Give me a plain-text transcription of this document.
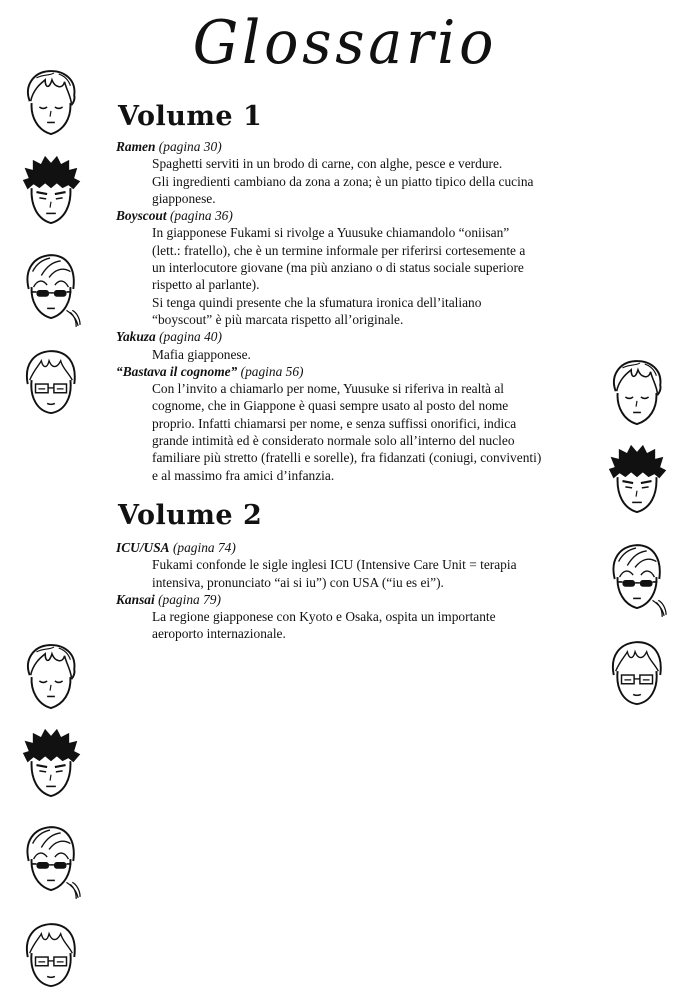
Glossario
Volume 1
Ramen (pagina 30)
Spaghetti serviti in un brodo di carne, con alghe, pesce e verdure.
Gli ingredienti cambiano da zona a zona; è un piatto tipico della cucina
giapponese.
Boyscout (pagina 36)
In giapponese Fukami si rivolge a Yuusuke chiamandolo “oniisan”
(lett.: fratello), che è un termine informale per riferirsi cortesemente a
un interlocutore giovane (ma più anziano o di status sociale superiore
rispetto al parlante).
Si tenga quindi presente che la sfumatura ironica dell’italiano
“boyscout” è più marcata rispetto all’originale.
Yakuza (pagina 40)
Mafia giapponese.
“Bastava il cognome” (pagina 56)
Con l’invito a chiamarlo per nome, Yuusuke si riferiva in realtà al
cognome, che in Giappone è quasi sempre usato al posto del nome
proprio. Infatti chiamarsi per nome, e senza suffissi onorifici, indica
grande intimità ed è considerato normale solo all’interno del nucleo
familiare più stretto (fratelli e sorelle), fra fidanzati (coniugi, conviventi)
e al massimo fra amici d’infanzia.
Volume 2
ICU/USA (pagina 74)
Fukami confonde le sigle inglesi ICU (Intensive Care Unit = terapia
intensiva, pronunciato “ai si iu”) con USA (“iu es ei”).
Kansai (pagina 79)
La regione giapponese con Kyoto e Osaka, ospita un importante
aeroporto internazionale.
